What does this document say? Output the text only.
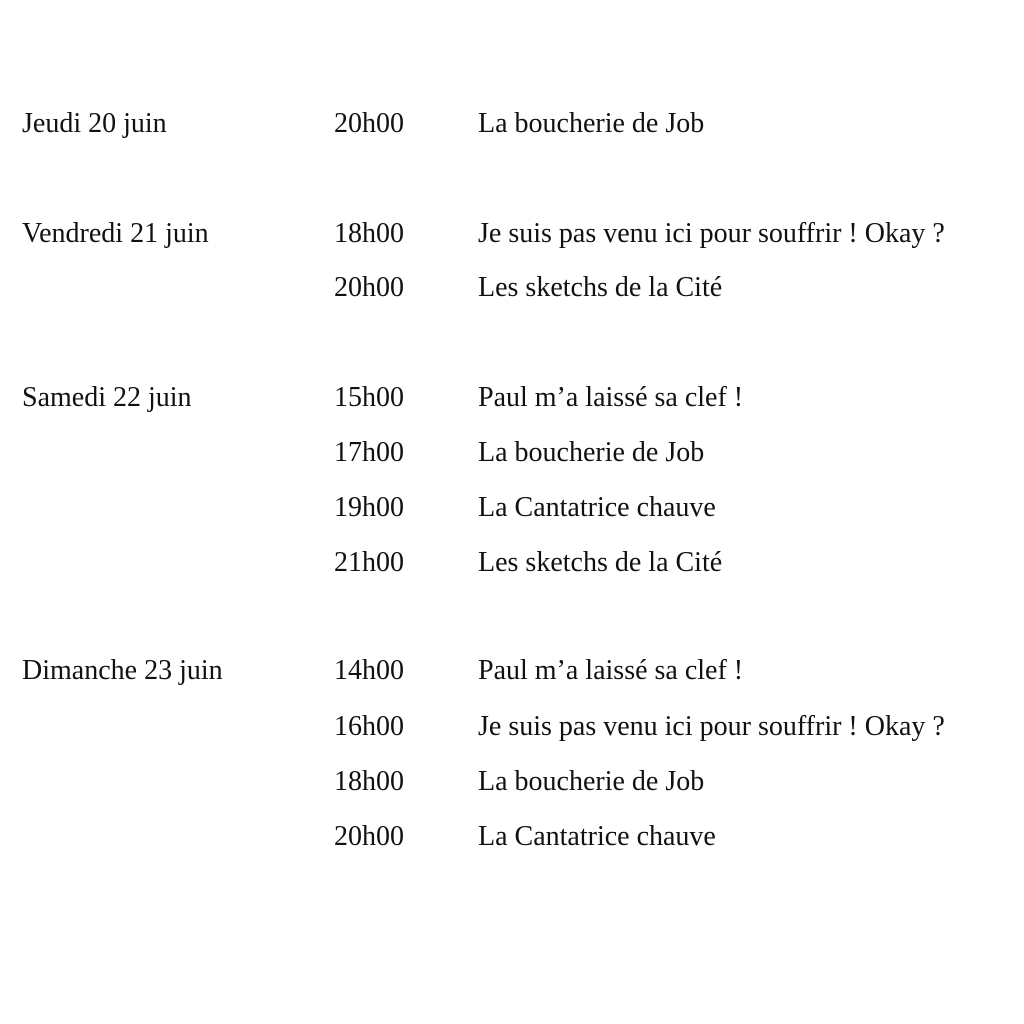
Jeudi 20 juin	20h00	La boucherie de Job
Vendredi 21 juin	18h00	Je suis pas venu ici pour souffrir ! Okay ?
20h00	Les sketchs de la Cité
Samedi 22 juin	15h00	Paul m’a laissé sa clef !
17h00	La boucherie de Job
19h00	La Cantatrice chauve
21h00	Les sketchs de la Cité
Dimanche 23 juin	14h00	Paul m’a laissé sa clef !
16h00	Je suis pas venu ici pour souffrir ! Okay ?
18h00	La boucherie de Job
20h00	La Cantatrice chauve
